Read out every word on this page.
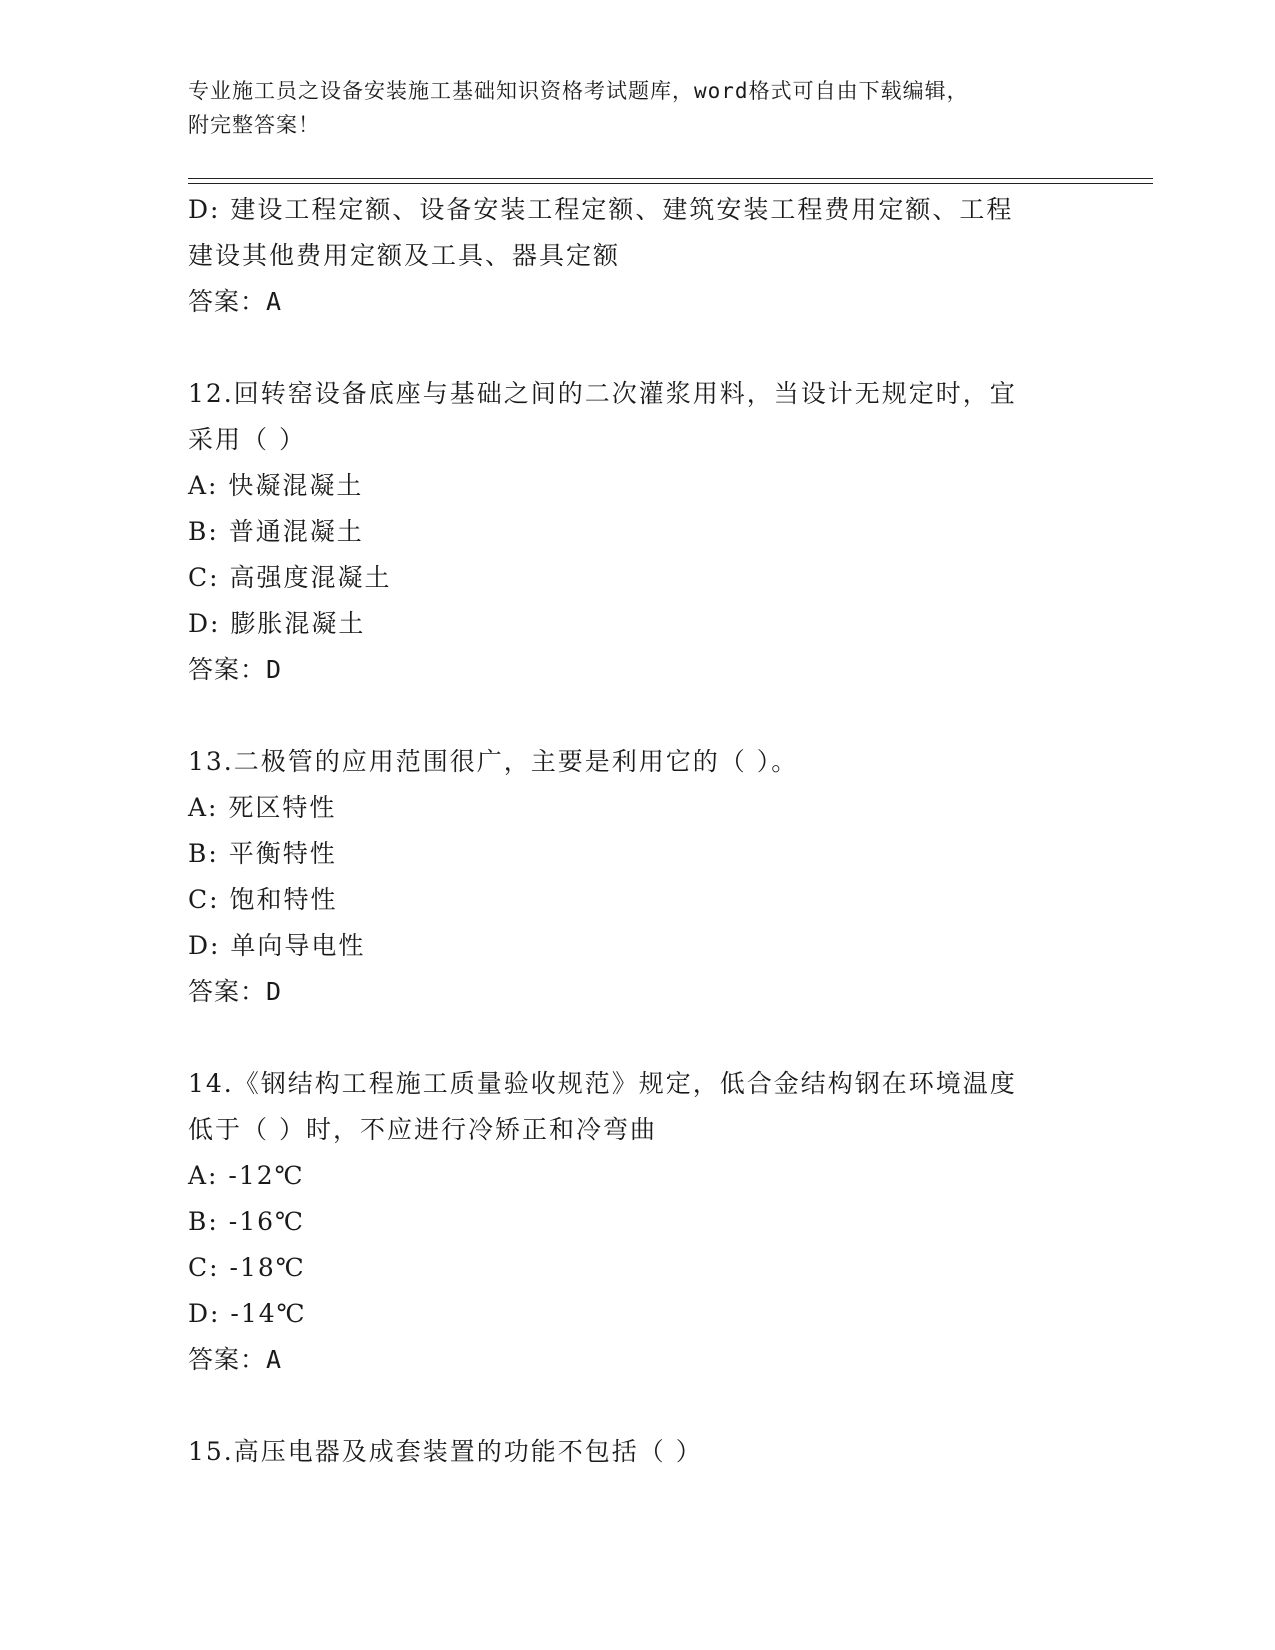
专业施工员之设备安装施工基础知识资格考试题库，word格式可自由下载编辑，
附完整答案！
D: 建设工程定额、设备安装工程定额、建筑安装工程费用定额、工程
建设其他费用定额及工具、器具定额
答案：A
12.回转窑设备底座与基础之间的二次灌浆用料，当设计无规定时，宜
采用（ ）
A: 快凝混凝土
B: 普通混凝土
C: 高强度混凝土
D: 膨胀混凝土
答案：D
13.二极管的应用范围很广，主要是利用它的（ ）。
A: 死区特性
B: 平衡特性
C: 饱和特性
D: 单向导电性
答案：D
14.《钢结构工程施工质量验收规范》规定，低合金结构钢在环境温度
低于（ ）时，不应进行冷矫正和冷弯曲
A: -12℃
B: -16℃
C: -18℃
D: -14℃
答案：A
15.高压电器及成套装置的功能不包括（ ）
